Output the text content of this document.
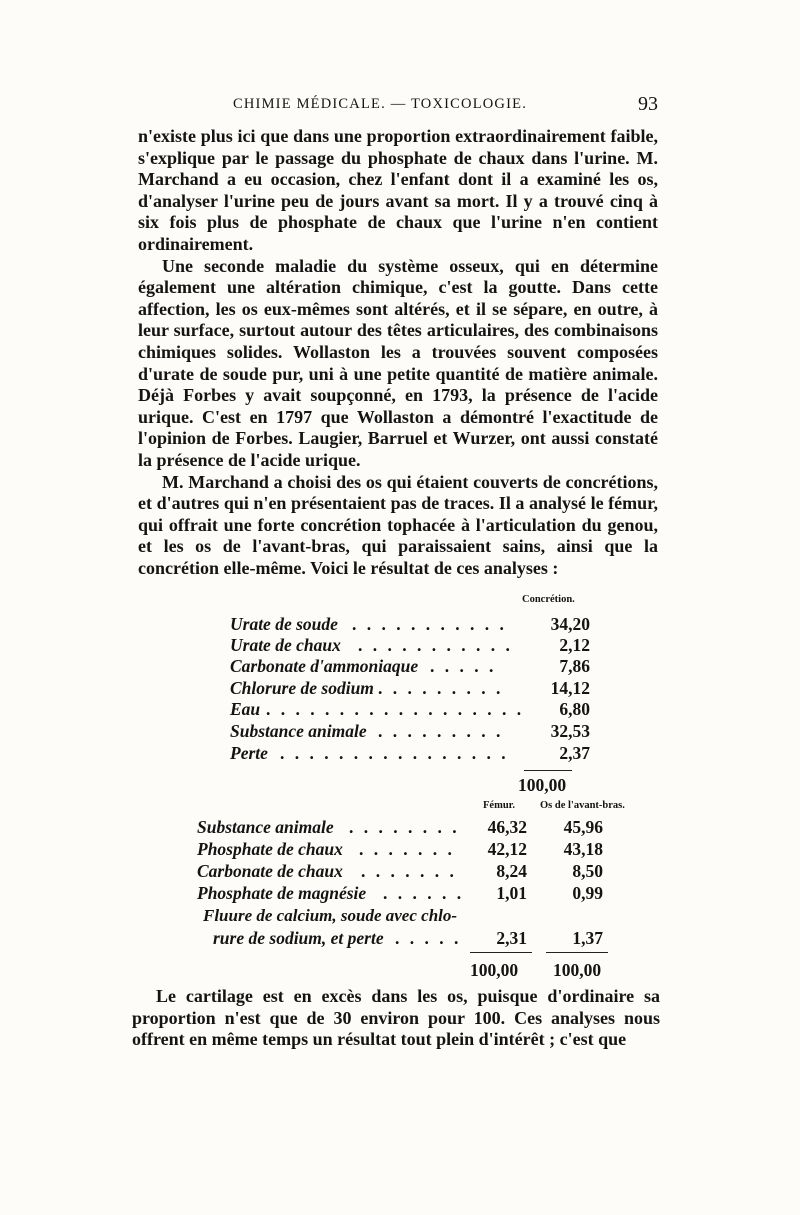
CHIMIE MÉDICALE. — TOXICOLOGIE.	93

n'existe plus ici que dans une proportion extraordinairement faible, s'explique par le passage du phosphate de chaux dans l'urine. M. Marchand a eu occasion, chez l'enfant dont il a examiné les os, d'analyser l'urine peu de jours avant sa mort. Il y a trouvé cinq à six fois plus de phosphate de chaux que l'urine n'en contient ordinairement.

Une seconde maladie du système osseux, qui en détermine également une altération chimique, c'est la goutte. Dans cette affection, les os eux-mêmes sont altérés, et il se sépare, en outre, à leur surface, surtout autour des têtes articulaires, des combinaisons chimiques solides. Wollaston les a trouvées souvent composées d'urate de soude pur, uni à une petite quantité de matière animale. Déjà Forbes y avait soupçonné, en 1793, la présence de l'acide urique. C'est en 1797 que Wollaston a démontré l'exactitude de l'opinion de Forbes. Laugier, Barruel et Wurzer, ont aussi constaté la présence de l'acide urique.

M. Marchand a choisi des os qui étaient couverts de concrétions, et d'autres qui n'en présentaient pas de traces. Il a analysé le fémur, qui offrait une forte concrétion tophacée à l'articulation du genou, et les os de l'avant-bras, qui paraissaient sains, ainsi que la concrétion elle-même. Voici le résultat de ces analyses :

Concrétion.
Urate de soude . . . . . . . . . . .	34,20
Urate de chaux . . . . . . . . . . .	2,12
Carbonate d'ammoniaque . . . . .	7,86
Chlorure de sodium . . . . . . . . .	14,12
Eau . . . . . . . . . . . . . . . . . .	6,80
Substance animale . . . . . . . . .	32,53
Perte . . . . . . . . . . . . . . . .	2,37
100,00
Fémur. Os de l'avant-bras.
Substance animale . . . . . . . .	46,32	45,96
Phosphate de chaux . . . . . . .	42,12	43,18
Carbonate de chaux . . . . . . .	8,24	8,50
Phosphate de magnésie . . . . . .	1,01	0,99
Fluure de calcium, soude avec chlo-
rure de sodium, et perte . . . . .	2,31	1,37
100,00 100,00

Le cartilage est en excès dans les os, puisque d'ordinaire sa proportion n'est que de 30 environ pour 100. Ces analyses nous offrent en même temps un résultat tout plein d'intérêt ; c'est que
